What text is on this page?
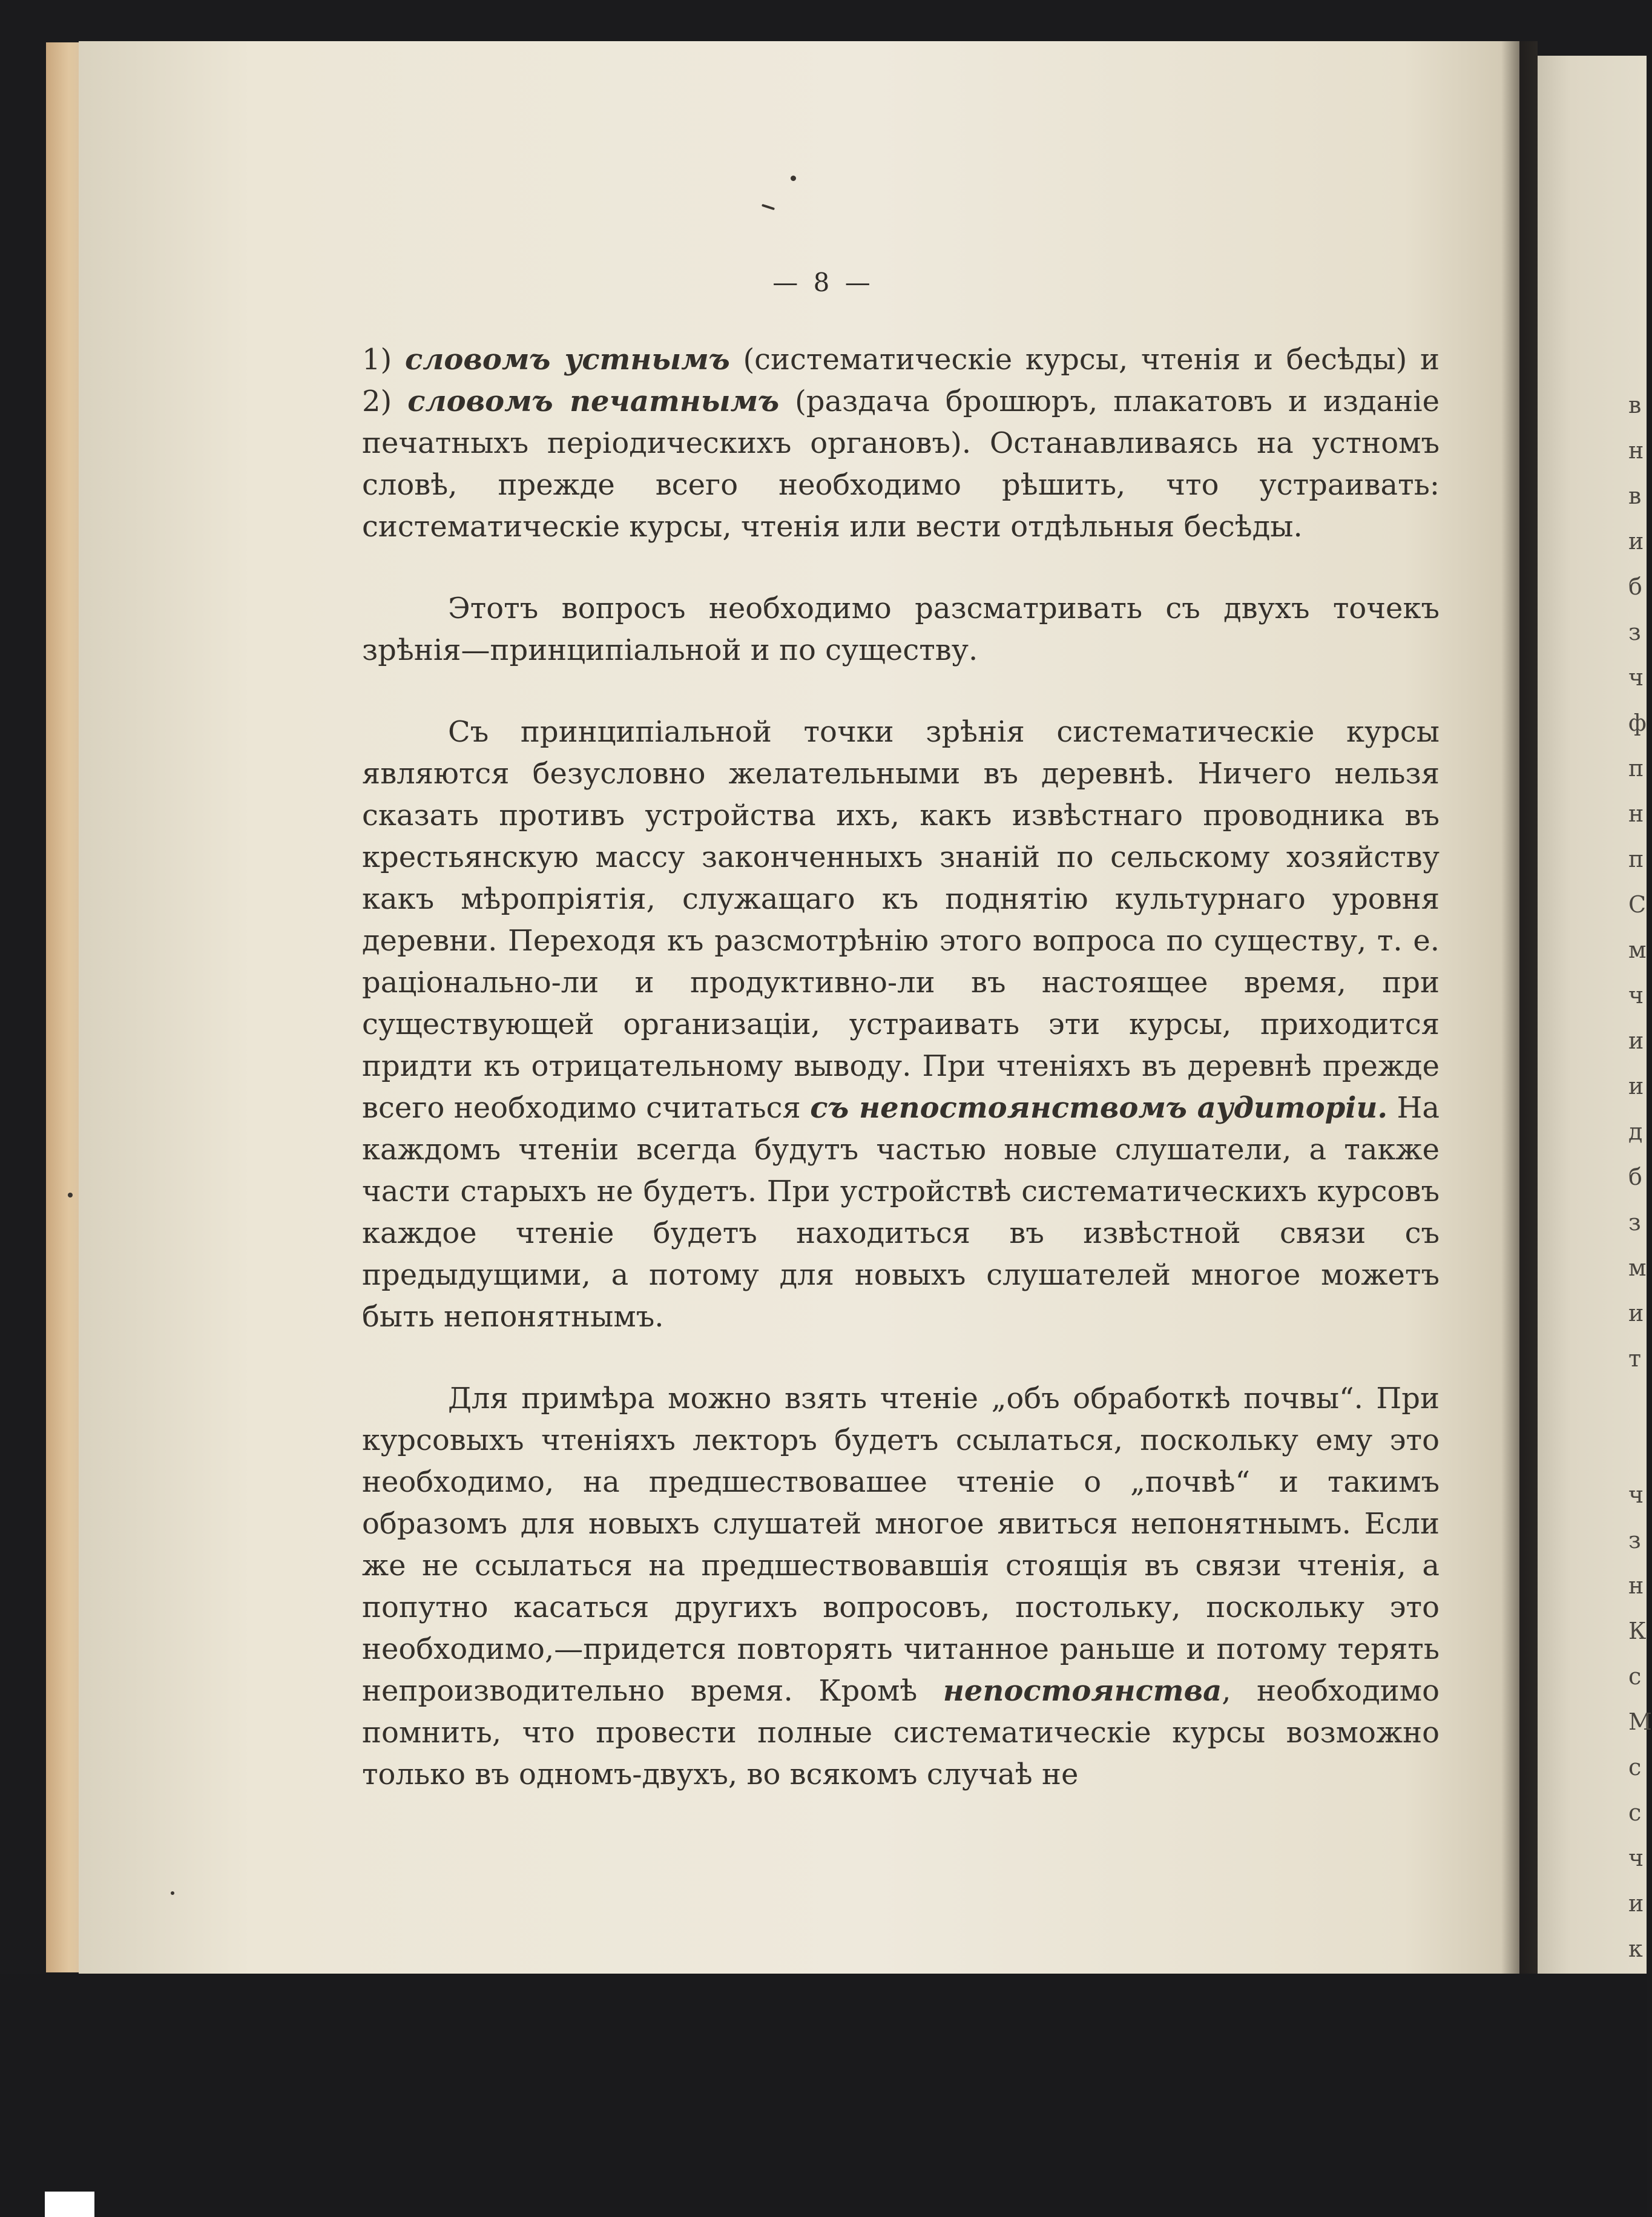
в
н
в
и
б
з
ч
ф
п
н
п
С
м
ч
и
и
д
б
з
м
и
т

ч
з
н
К
с
М
с
с
ч
и
к
— 8 —

1) словомъ устнымъ (систематическіе курсы, чтенія и бесѣды) и 2) словомъ печатнымъ (раздача брошюръ, плакатовъ и изданіе печатныхъ періодическихъ органовъ). Останавливаясь на устномъ словѣ, прежде всего необходимо рѣшить, что устраивать: систематическіе курсы, чтенія или вести отдѣльныя бесѣды.

Этотъ вопросъ необходимо разсматривать съ двухъ точекъ зрѣнія—принципіальной и по существу.

Съ принципіальной точки зрѣнія систематическіе курсы являются безусловно желательными въ деревнѣ. Ничего нельзя сказать противъ устройства ихъ, какъ извѣстнаго проводника въ крестьянскую массу законченныхъ знаній по сельскому хозяйству какъ мѣропріятія, служащаго къ поднятію культурнаго уровня деревни. Переходя къ разсмотрѣнію этого вопроса по существу, т. е. раціонально-ли и продуктивно-ли въ настоящее время, при существующей организаціи, устраивать эти курсы, приходится придти къ отрицательному выводу. При чтеніяхъ въ деревнѣ прежде всего необходимо считаться съ непостоянствомъ аудиторіи. На каждомъ чтеніи всегда будутъ частью новые слушатели, а также части старыхъ не будетъ. При устройствѣ систематическихъ курсовъ каждое чтеніе будетъ находиться въ извѣстной связи съ предыдущими, а потому для новыхъ слушателей многое можетъ быть непонятнымъ.

Для примѣра можно взять чтеніе „объ обработкѣ почвы“. При курсовыхъ чтеніяхъ лекторъ будетъ ссылаться, поскольку ему это необходимо, на предшествовашее чтеніе о „почвѣ“ и такимъ образомъ для новыхъ слушатей многое явиться непонятнымъ. Если же не ссылаться на предшествовавшія стоящія въ связи чтенія, а попутно касаться другихъ вопросовъ, постольку, поскольку это необходимо,—придется повторять читанное раньше и потому терять непроизводительно время. Кромѣ непостоянства, необходимо помнить, что провести полные систематическіе курсы возможно только въ одномъ-двухъ, во всякомъ случаѣ не
